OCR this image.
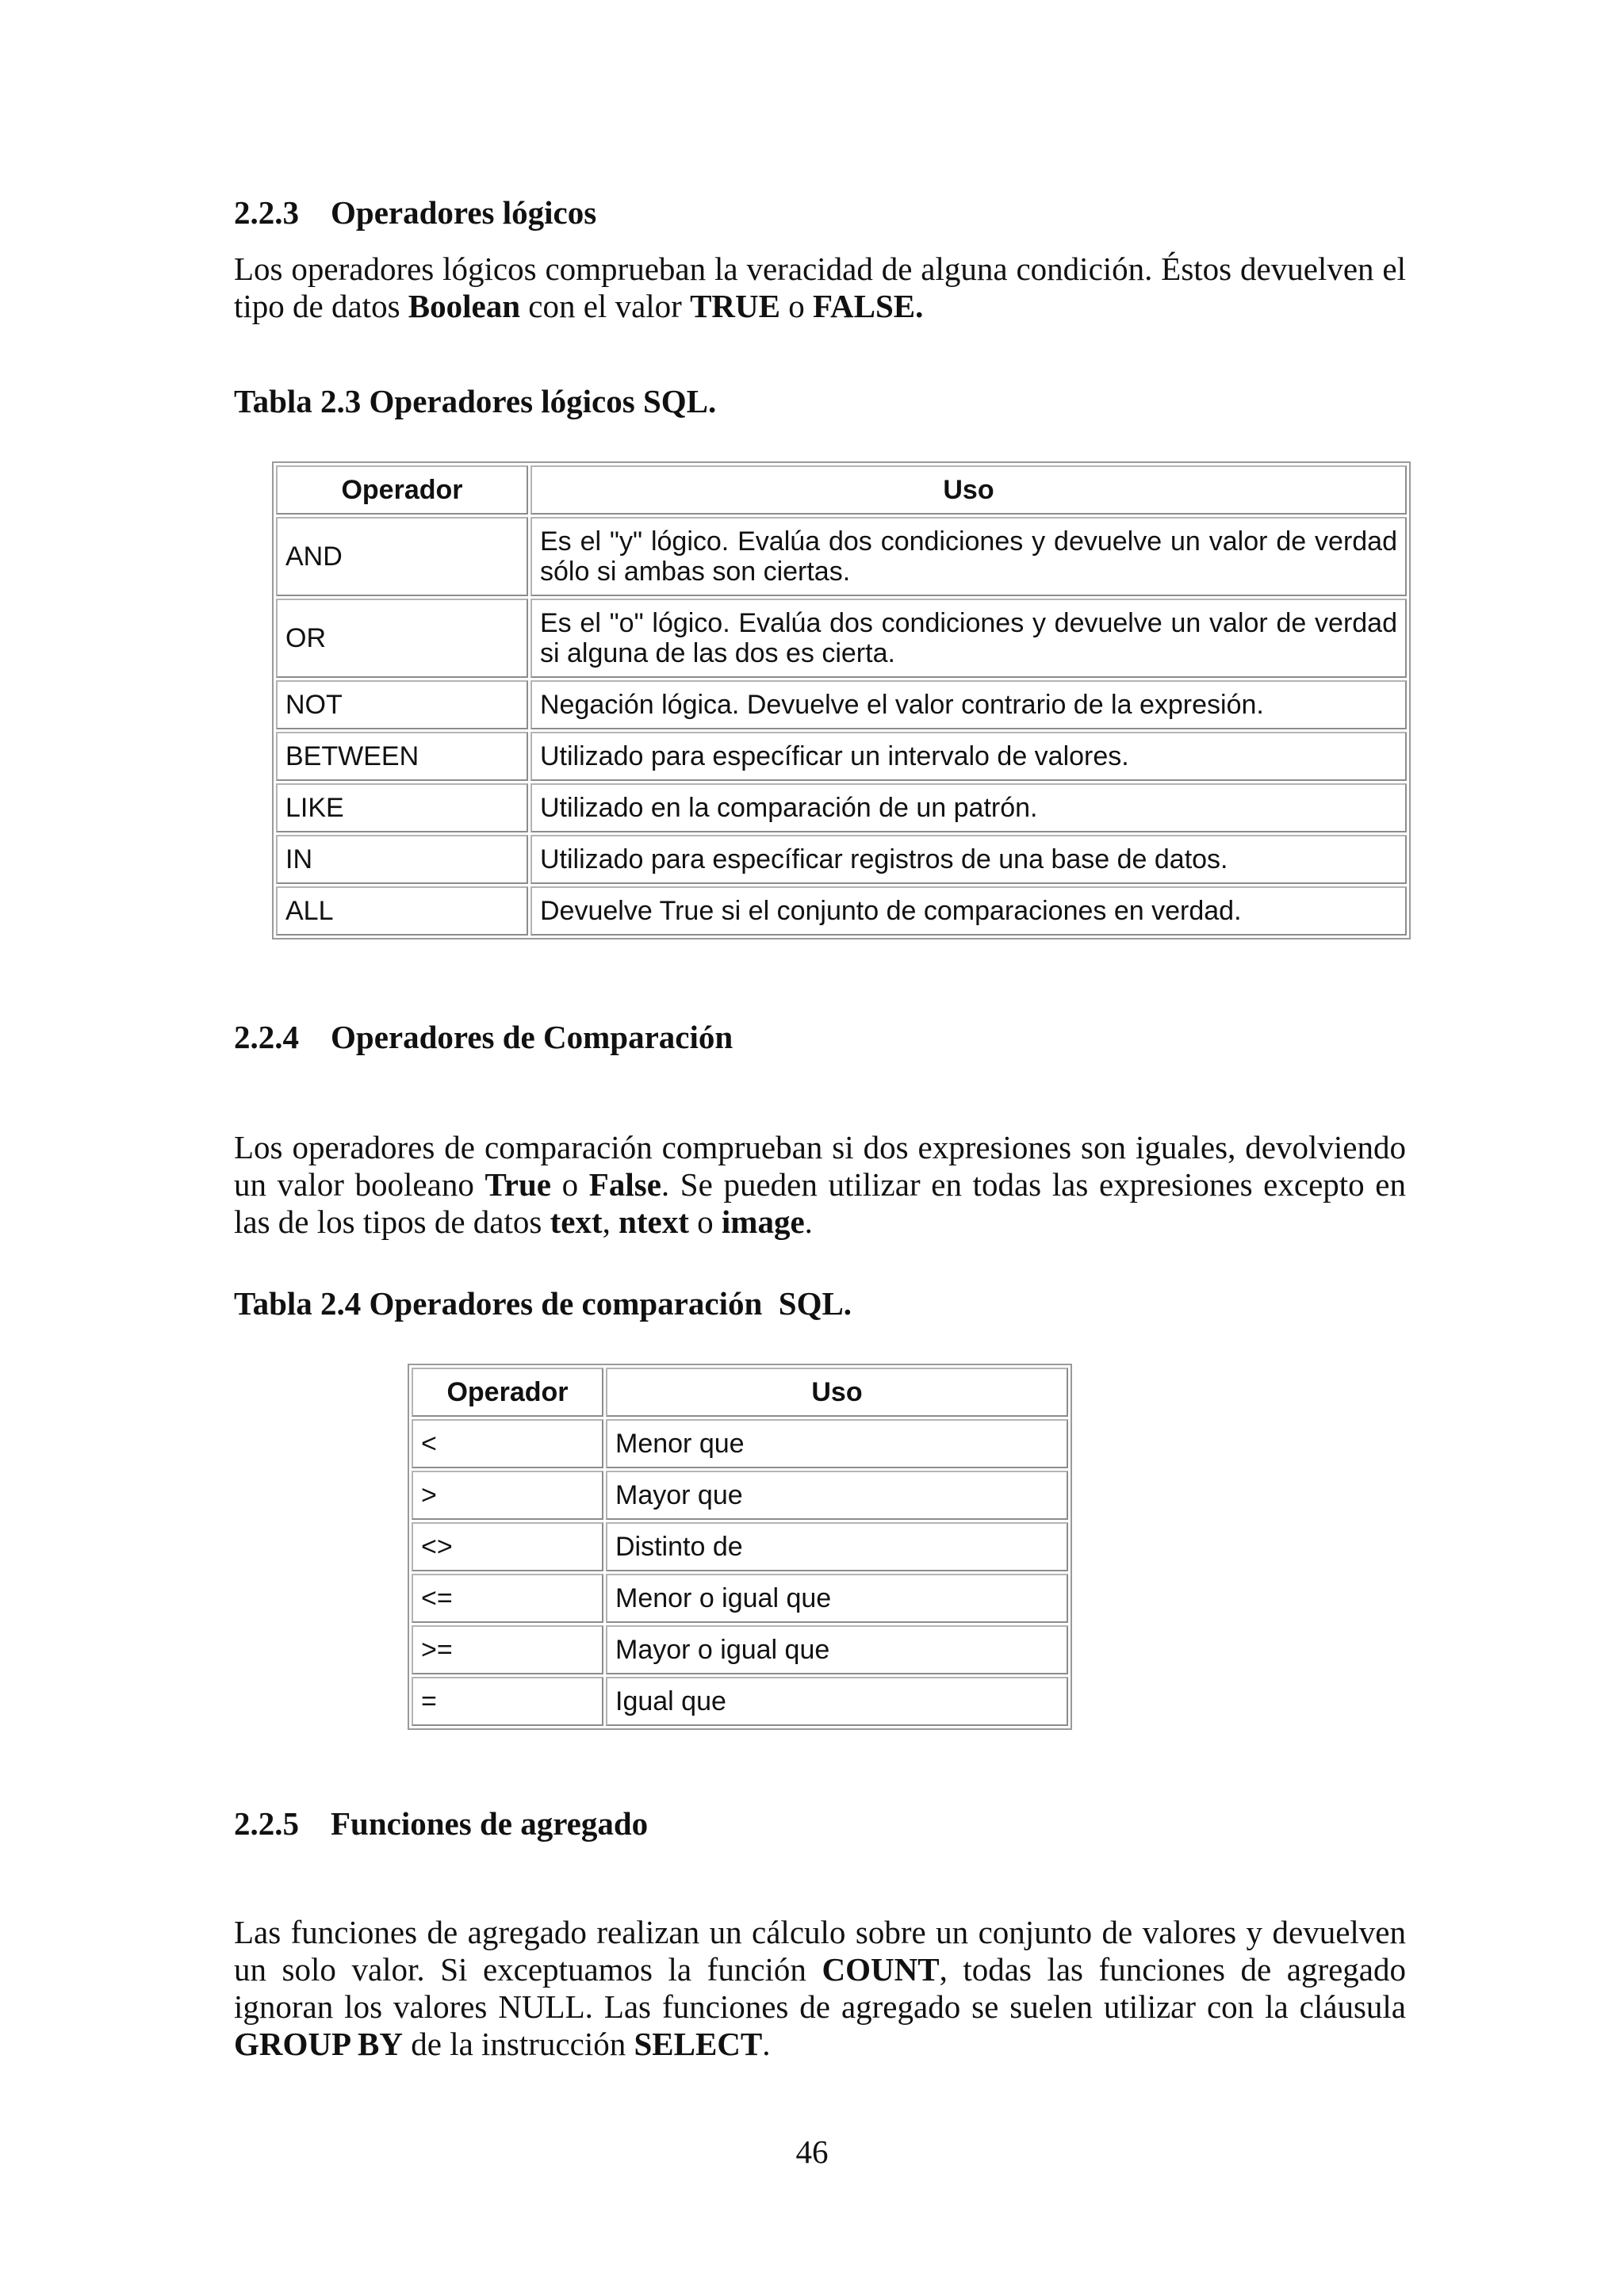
2.2.3 Operadores lógicos

Los operadores lógicos comprueban la veracidad de alguna condición. Éstos devuelven el tipo de datos Boolean con el valor TRUE o FALSE.

Tabla 2.3 Operadores lógicos SQL.
Operador	Uso
AND	Es el "y" lógico. Evalúa dos condiciones y devuelve un valor de verdad sólo si ambas son ciertas.
OR	Es el "o" lógico. Evalúa dos condiciones y devuelve un valor de verdad si alguna de las dos es cierta.
NOT	Negación lógica. Devuelve el valor contrario de la expresión.
BETWEEN	Utilizado para específicar un intervalo de valores.
LIKE	Utilizado en la comparación de un patrón.
IN	Utilizado para específicar registros de una base de datos.
ALL	Devuelve True si el conjunto de comparaciones en verdad.
2.2.4 Operadores de Comparación

Los operadores de comparación comprueban si dos expresiones son iguales, devolviendo un valor booleano True o False. Se pueden utilizar en todas las expresiones excepto en las de los tipos de datos text, ntext o image.

Tabla 2.4 Operadores de comparación  SQL.
Operador	Uso
<	Menor que
>	Mayor que
<>	Distinto de
<=	Menor o igual que
>=	Mayor o igual que
=	Igual que
2.2.5 Funciones de agregado

Las funciones de agregado realizan un cálculo sobre un conjunto de valores y devuelven un solo valor. Si exceptuamos la función COUNT, todas las funciones de agregado ignoran los valores NULL. Las funciones de agregado se suelen utilizar con la cláusula GROUP BY de la instrucción SELECT.

46
